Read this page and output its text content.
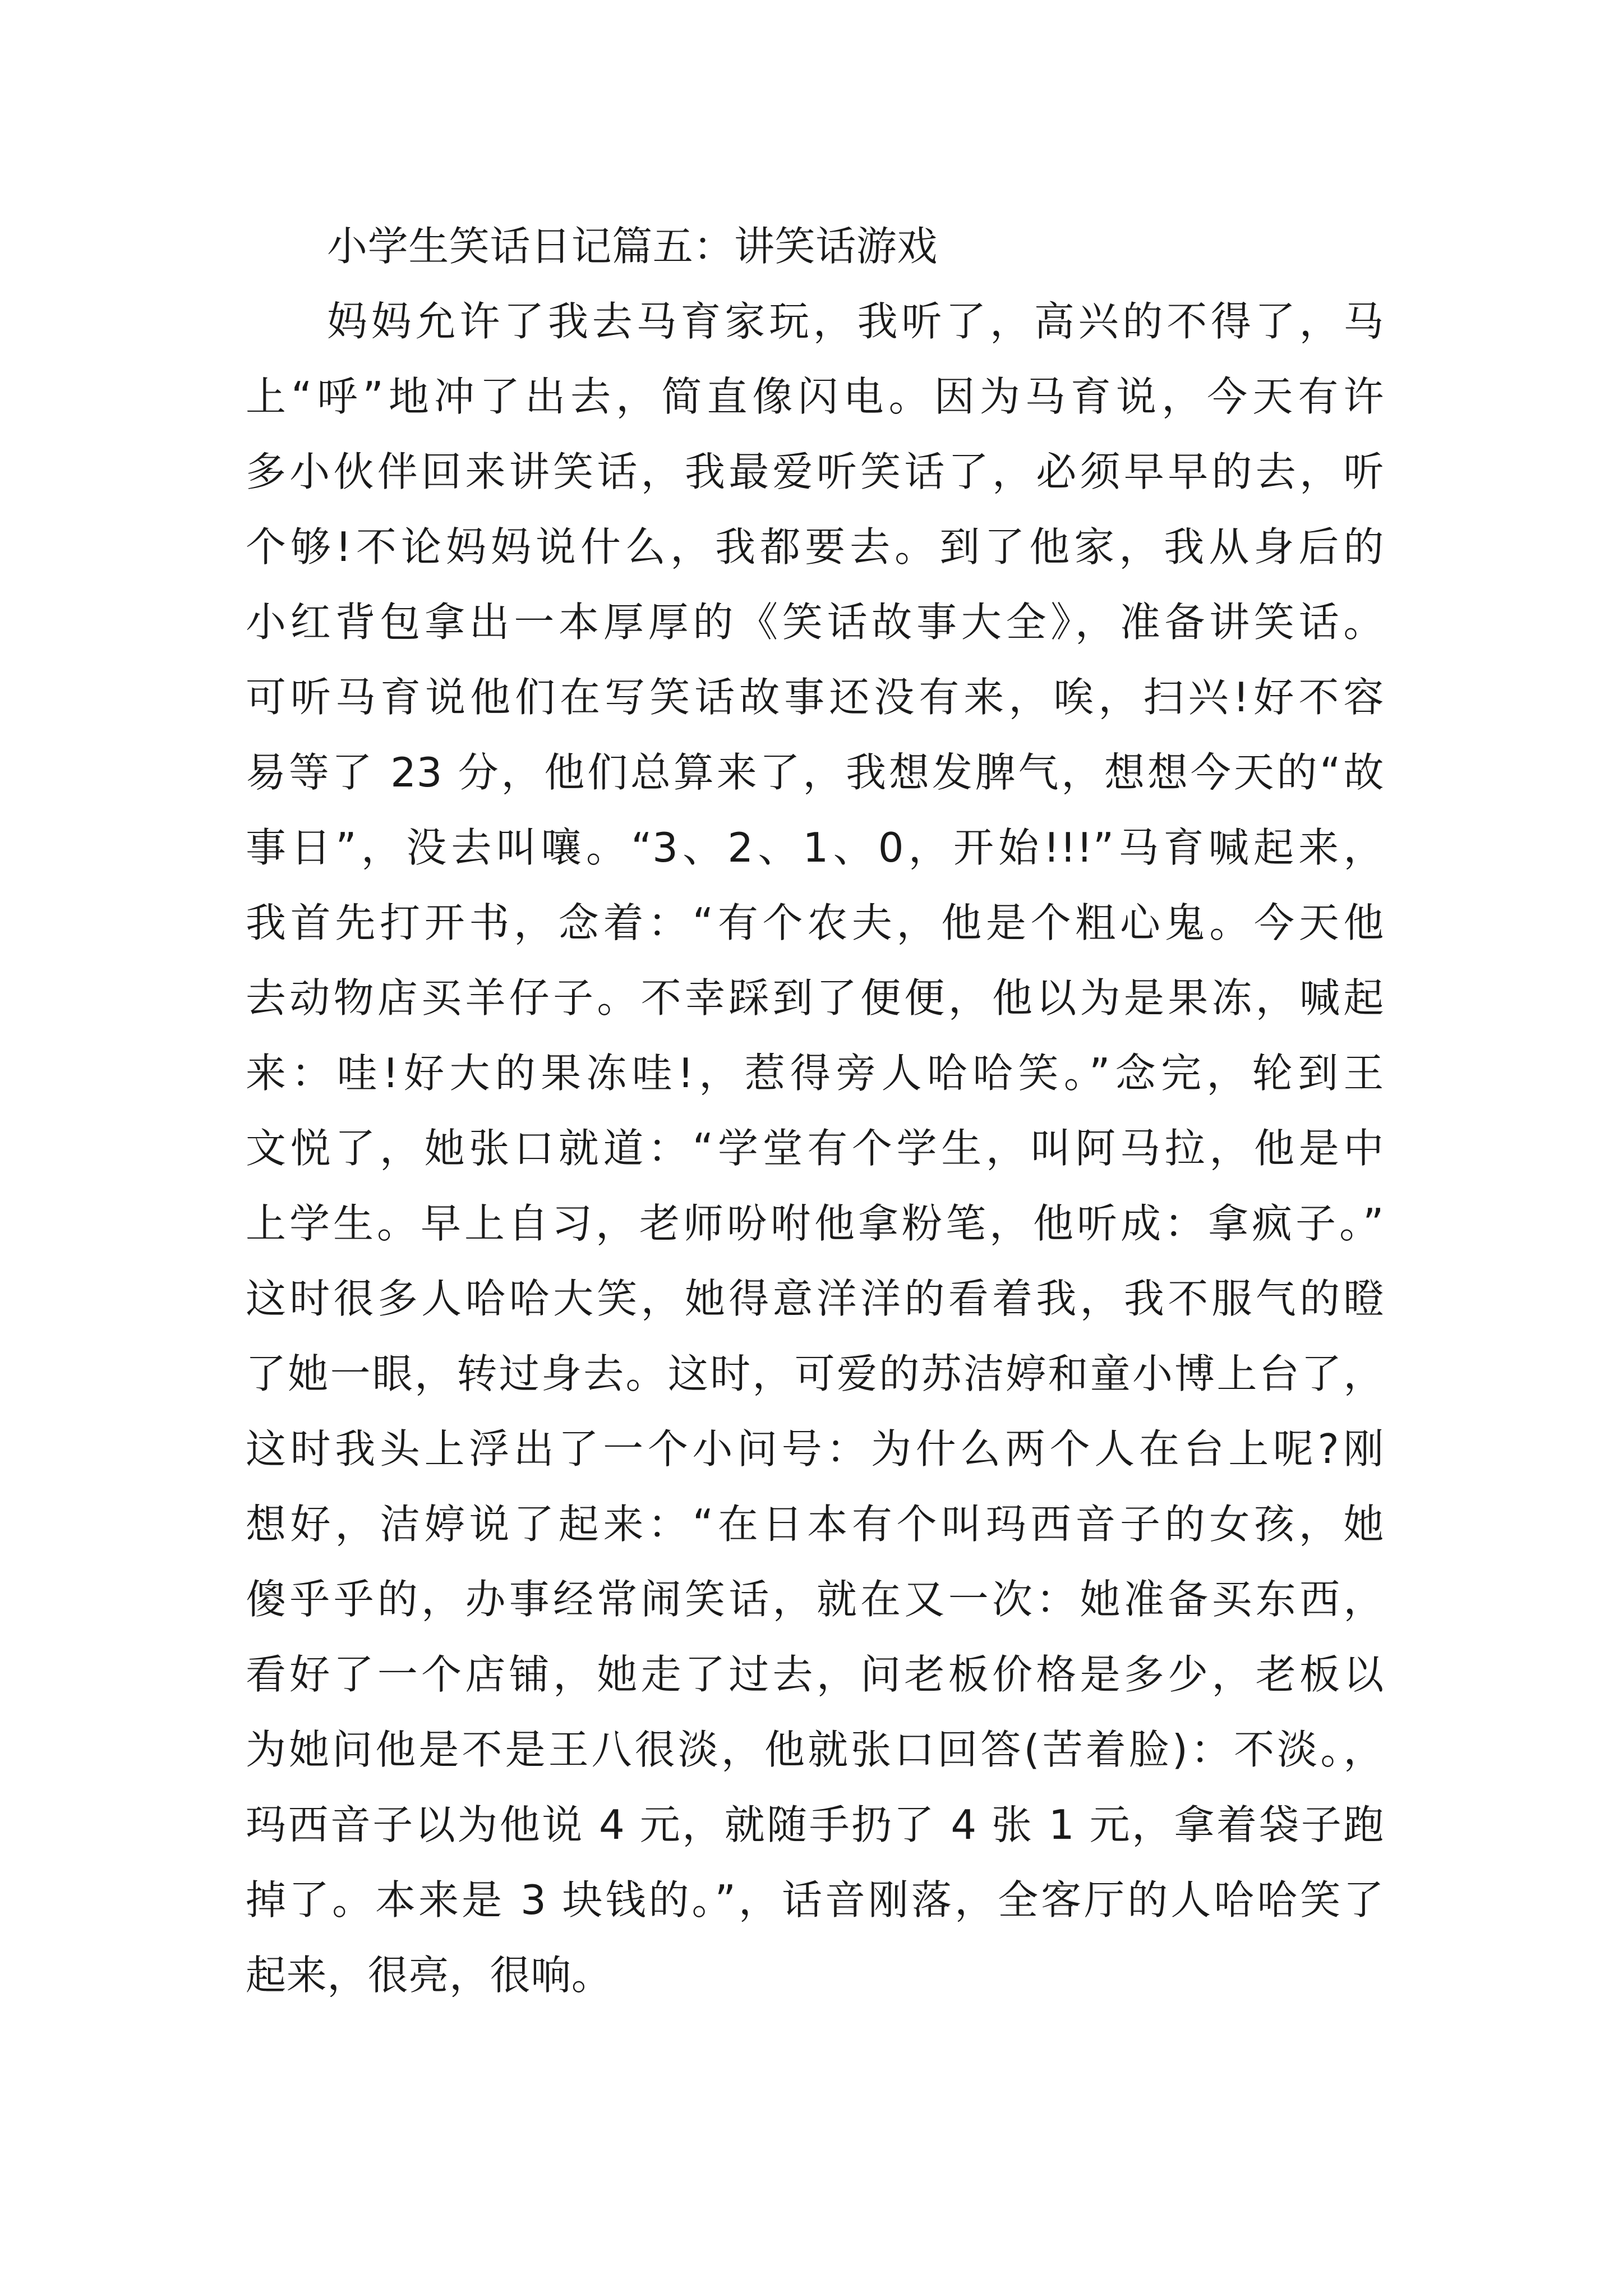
小学生笑话日记篇五：讲笑话游戏
妈妈允许了我去马育家玩，我听了，高兴的不得了，马
上“呼”地冲了出去，简直像闪电。因为马育说，今天有许
多小伙伴回来讲笑话，我最爱听笑话了，必须早早的去，听
个够!不论妈妈说什么，我都要去。到了他家，我从身后的
小红背包拿出一本厚厚的《笑话故事大全》，准备讲笑话。
可听马育说他们在写笑话故事还没有来，唉，扫兴!好不容
易等了 23 分，他们总算来了，我想发脾气，想想今天的“故
事日”，没去叫嚷。“3、2、1、0，开始!!!”马育喊起来，
我首先打开书，念着：“有个农夫，他是个粗心鬼。今天他
去动物店买羊仔子。不幸踩到了便便，他以为是果冻，喊起
来：哇!好大的果冻哇!，惹得旁人哈哈笑。”念完，轮到王
文悦了，她张口就道：“学堂有个学生，叫阿马拉，他是中
上学生。早上自习，老师吩咐他拿粉笔，他听成：拿疯子。”
这时很多人哈哈大笑，她得意洋洋的看着我，我不服气的瞪
了她一眼，转过身去。这时，可爱的苏洁婷和童小博上台了，
这时我头上浮出了一个小问号：为什么两个人在台上呢?刚
想好，洁婷说了起来：“在日本有个叫玛西音子的女孩，她
傻乎乎的，办事经常闹笑话，就在又一次：她准备买东西，
看好了一个店铺，她走了过去，问老板价格是多少，老板以
为她问他是不是王八很淡，他就张口回答(苦着脸)：不淡。，
玛西音子以为他说 4 元，就随手扔了 4 张 1 元，拿着袋子跑
掉了。本来是 3 块钱的。”，话音刚落，全客厅的人哈哈笑了
起来，很亮，很响。
